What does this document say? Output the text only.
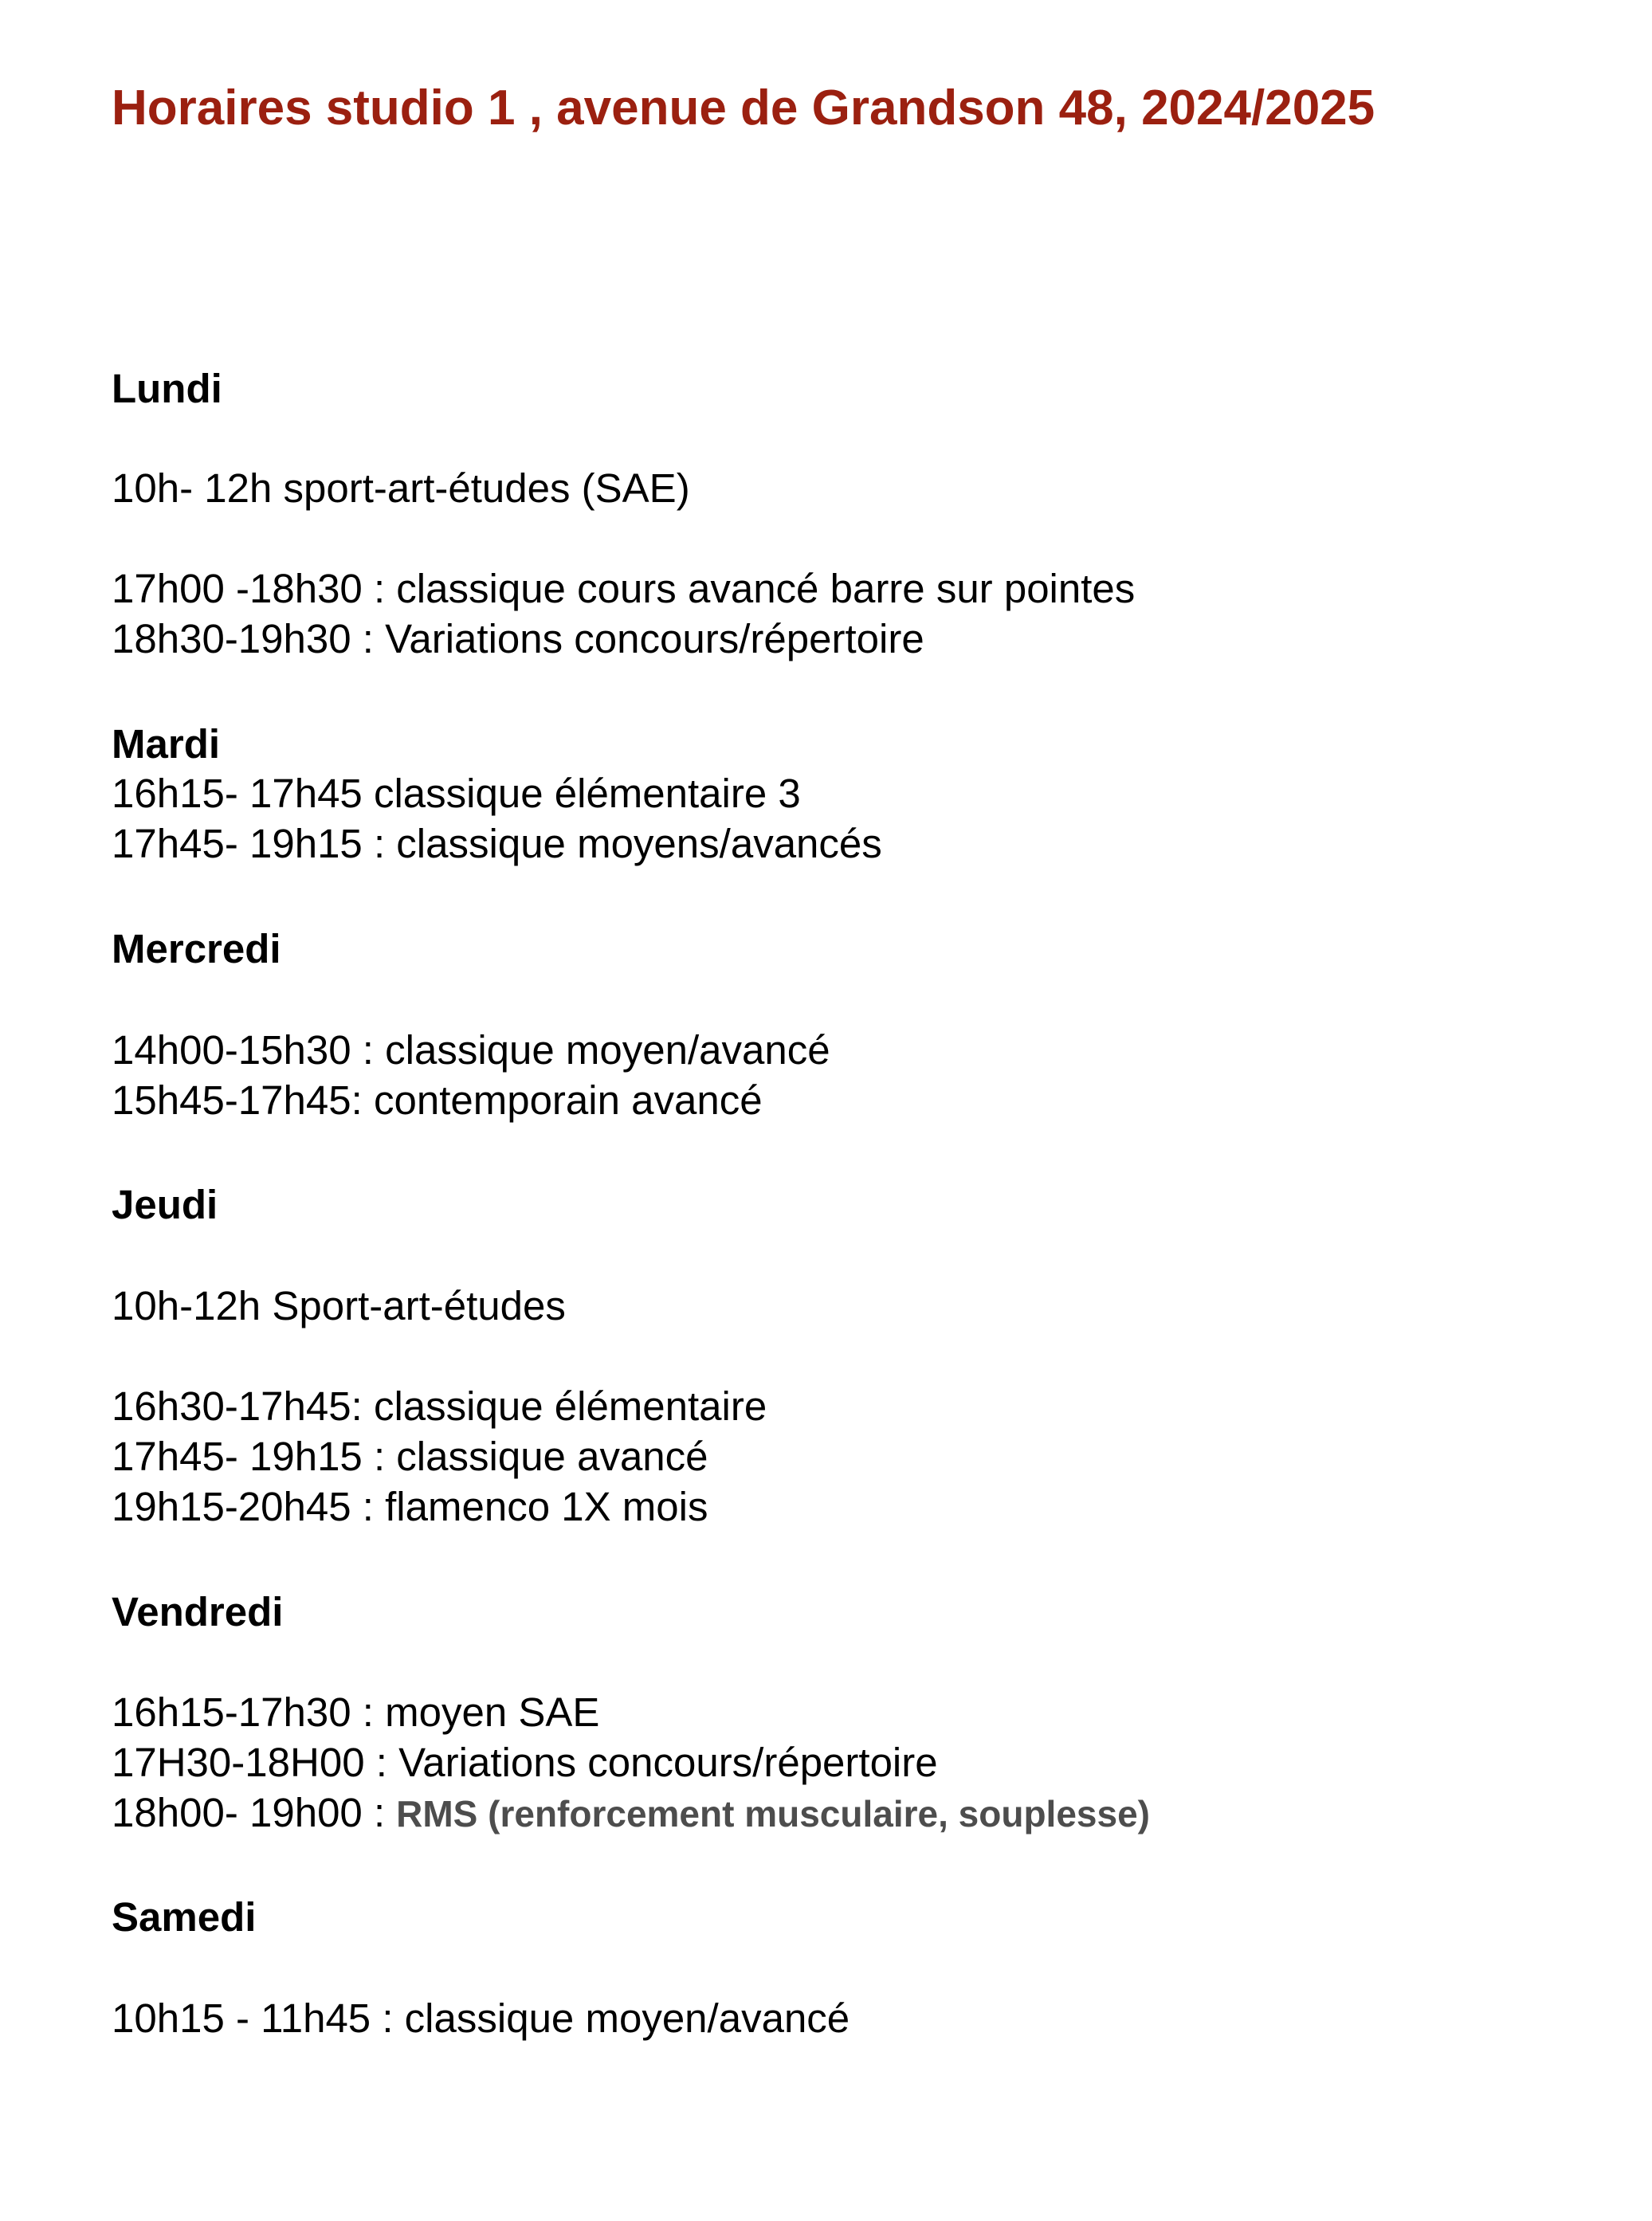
Horaires studio 1 , avenue de Grandson 48, 2024/2025
Lundi

10h- 12h sport-art-études (SAE)

17h00 -18h30 : classique cours avancé barre sur pointes

18h30-19h30 : Variations concours/répertoire

Mardi

16h15- 17h45 classique élémentaire 3

17h45- 19h15 : classique moyens/avancés

Mercredi

14h00-15h30 : classique moyen/avancé

15h45-17h45: contemporain avancé

Jeudi

10h-12h Sport-art-études

16h30-17h45: classique élémentaire

17h45- 19h15 : classique avancé

19h15-20h45 : flamenco 1X mois

Vendredi

16h15-17h30 : moyen SAE

17H30-18H00 : Variations concours/répertoire

18h00- 19h00 : RMS (renforcement musculaire, souplesse)

Samedi

10h15 - 11h45 : classique moyen/avancé
